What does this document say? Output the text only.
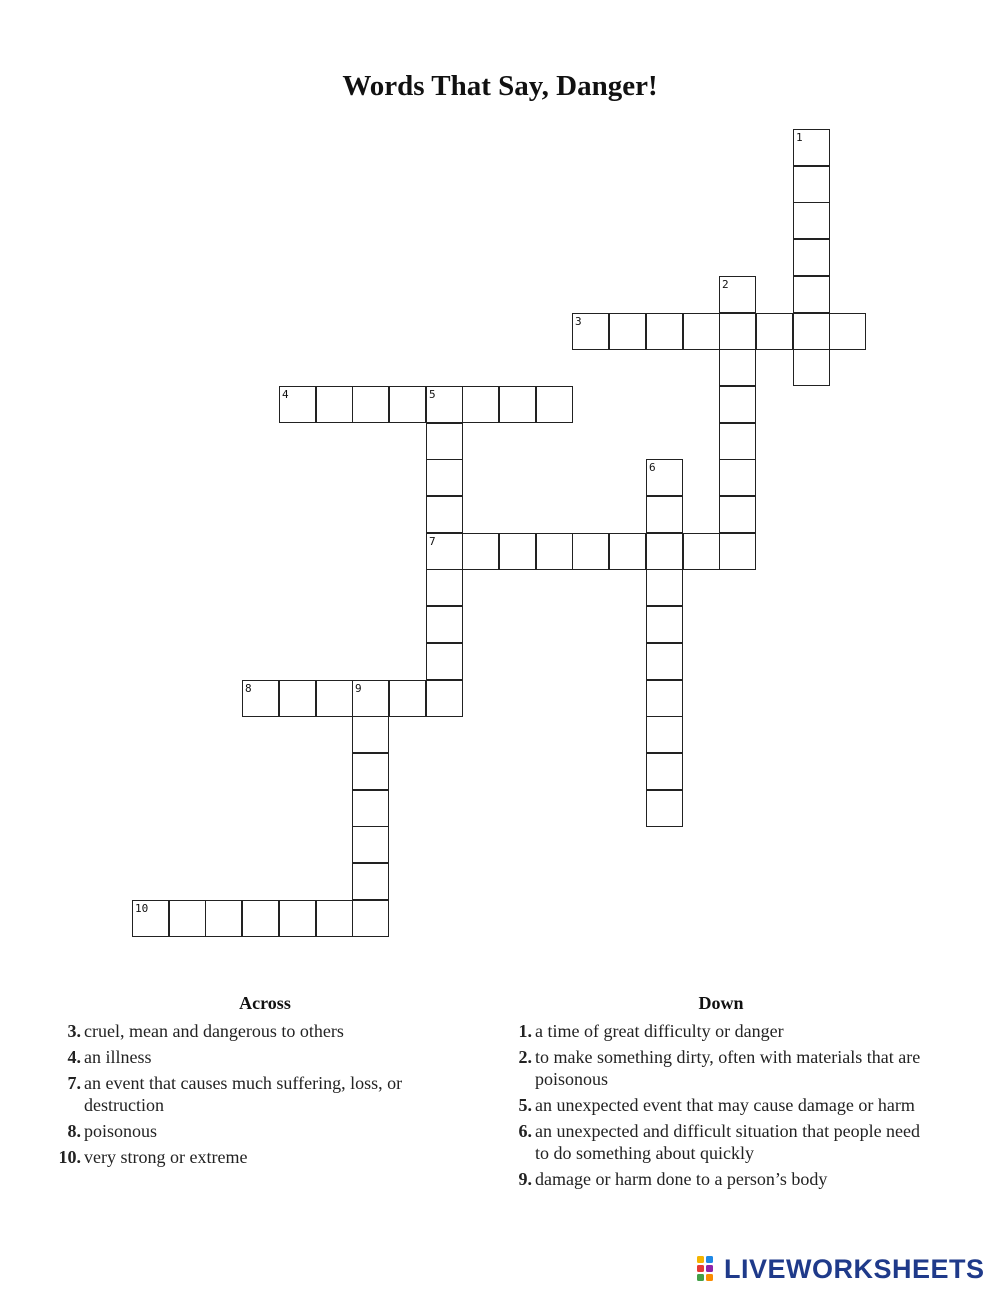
Words That Say, Danger!
3
4	5
7
8	9
10
1
2
6
Across
3. cruel, mean and dangerous to others
4. an illness
7. an event that causes much suffering, loss, or destruction
8. poisonous
10. very strong or extreme
Down
1. a time of great difficulty or danger
2. to make something dirty, often with materials that are poisonous
5. an unexpected event that may cause damage or harm
6. an unexpected and difficult situation that people need to do something about quickly
9. damage or harm done to a person’s body
LIVEWORKSHEETS
